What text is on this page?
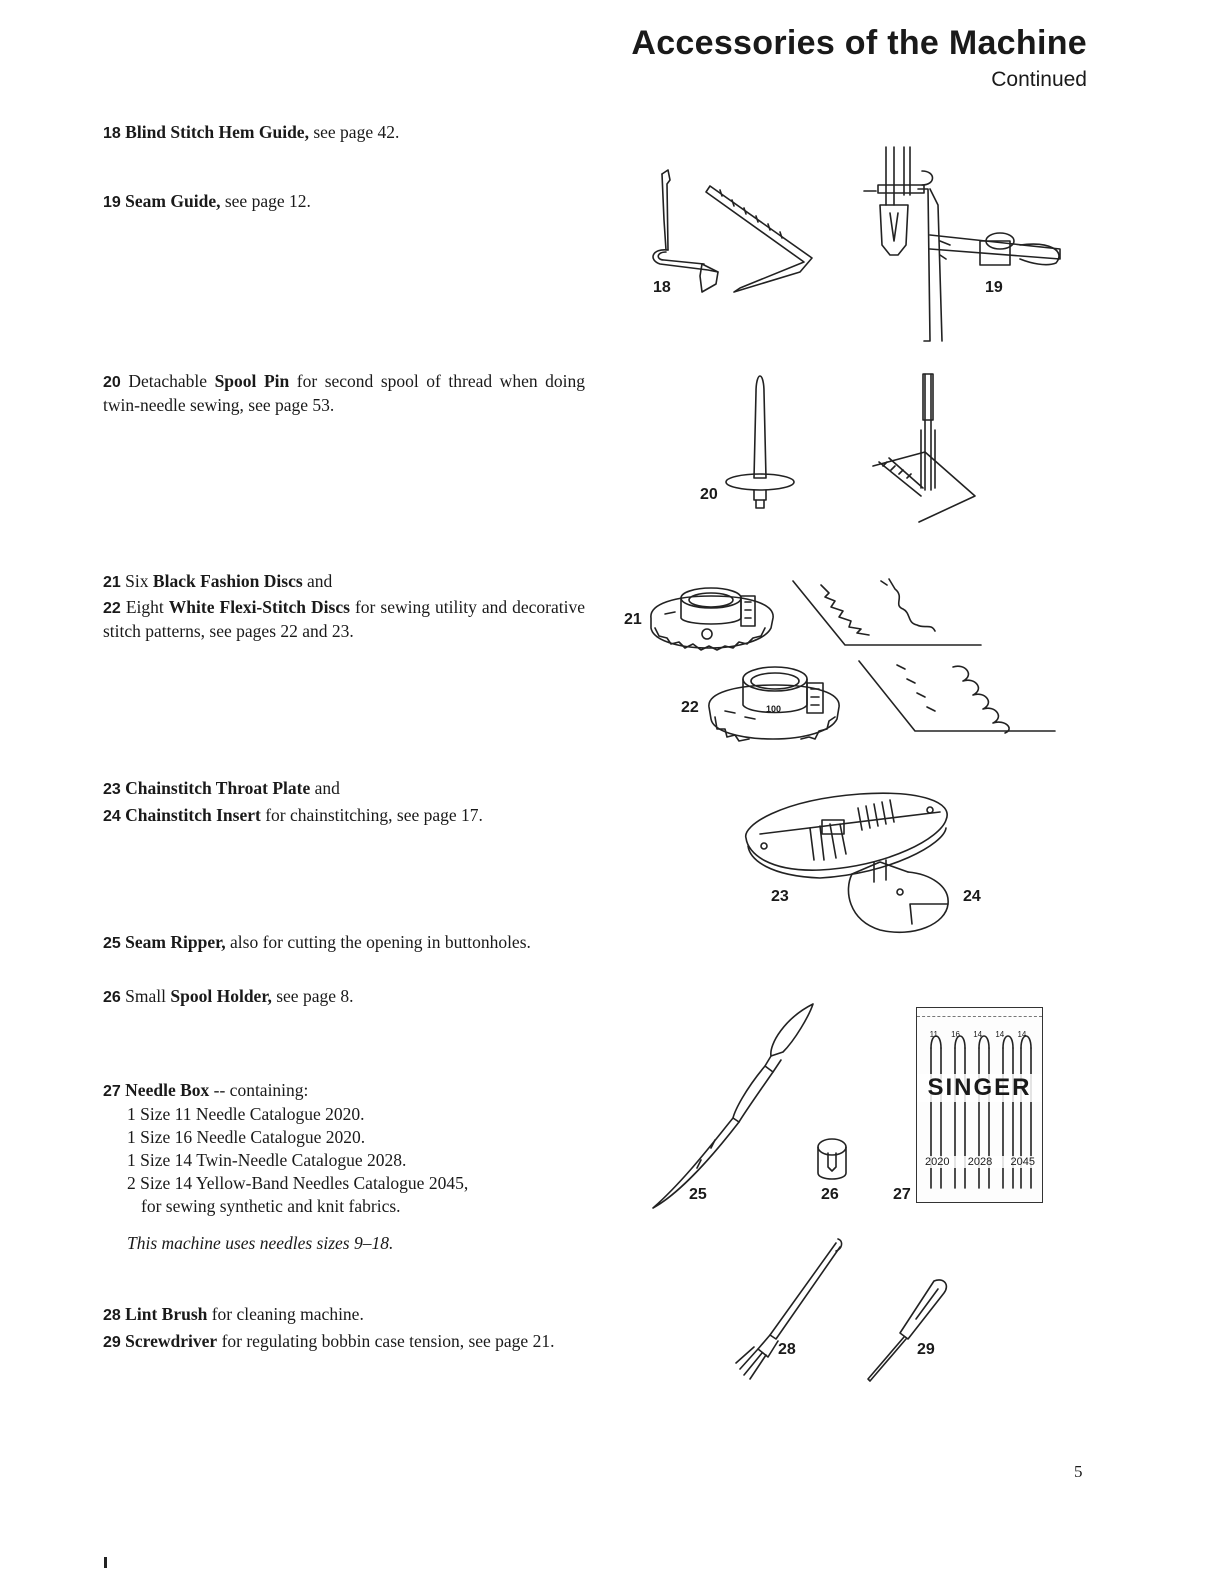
Accessories of the Machine
Continued
18 Blind Stitch Hem Guide, see page 42.
19 Seam Guide, see page 12.
20 Detachable Spool Pin for second spool of thread when doing twin-needle sewing, see page 53.
21 Six Black Fashion Discs and
22 Eight White Flexi-Stitch Discs for sewing utility and decorative stitch patterns, see pages 22 and 23.
23 Chainstitch Throat Plate and
24 Chainstitch Insert for chainstitching, see page 17.
25 Seam Ripper, also for cutting the opening in buttonholes.
26 Small Spool Holder, see page 8.
27 Needle Box -- containing:
1 Size 11 Needle Catalogue 2020.
1 Size 16 Needle Catalogue 2020.
1 Size 14 Twin-Needle Catalogue 2028.
2 Size 14 Yellow-Band Needles Catalogue 2045,
for sewing synthetic and knit fabrics.
This machine uses needles sizes 9–18.
28 Lint Brush for cleaning machine.
29 Screwdriver for regulating bobbin case tension, see page 21.
18	19
20
21
22	100
23	24
25	26
11 16 14 14 14
SINGER
2020 2028 2045
27
28	29
5
